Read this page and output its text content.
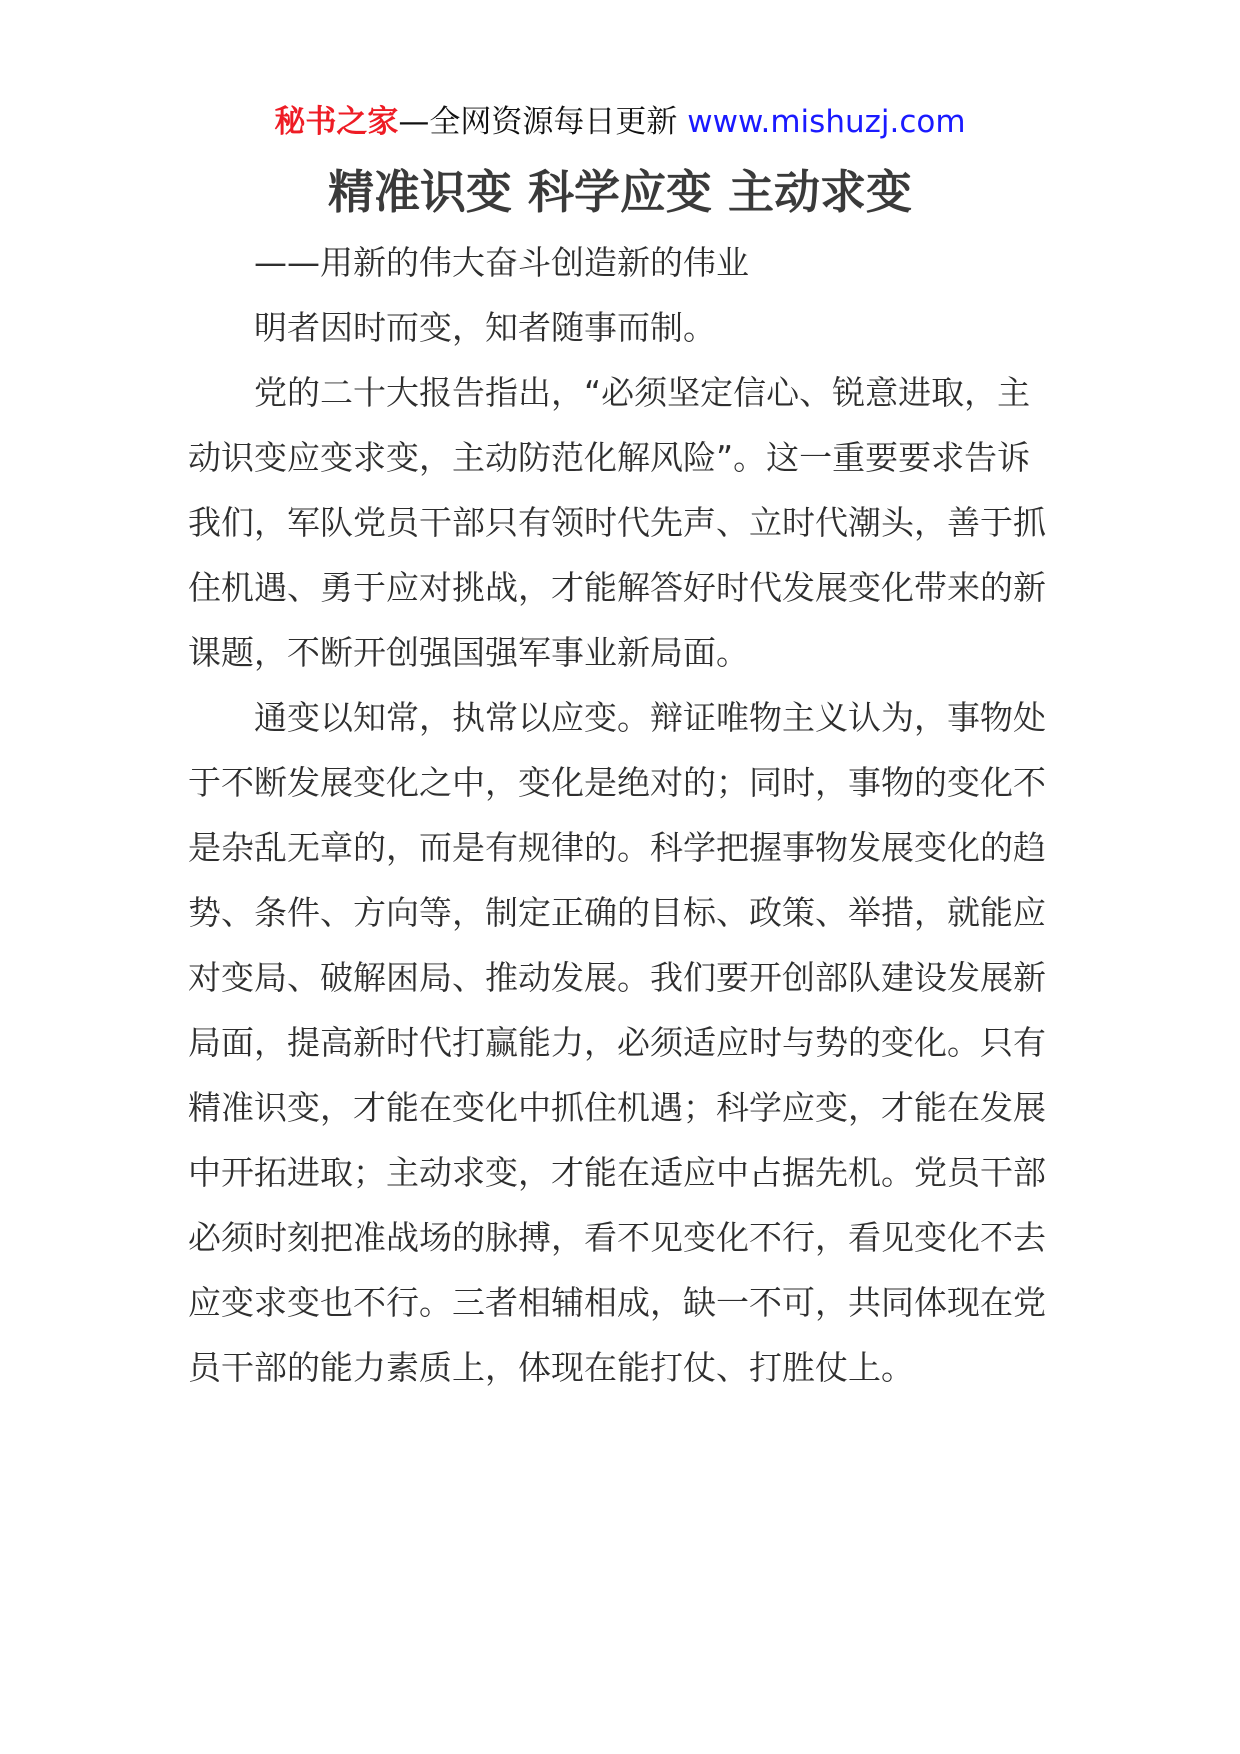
秘书之家—全网资源每日更新 www.mishuzj.com
精准识变 科学应变 主动求变

——用新的伟大奋斗创造新的伟业

明者因时而变，知者随事而制。

党的二十大报告指出，“必须坚定信心、锐意进取，主动识变应变求变，主动防范化解风险”。这一重要要求告诉我们，军队党员干部只有领时代先声、立时代潮头，善于抓住机遇、勇于应对挑战，才能解答好时代发展变化带来的新课题，不断开创强国强军事业新局面。

通变以知常，执常以应变。辩证唯物主义认为，事物处于不断发展变化之中，变化是绝对的；同时，事物的变化不是杂乱无章的，而是有规律的。科学把握事物发展变化的趋势、条件、方向等，制定正确的目标、政策、举措，就能应对变局、破解困局、推动发展。我们要开创部队建设发展新局面，提高新时代打赢能力，必须适应时与势的变化。只有精准识变，才能在变化中抓住机遇；科学应变，才能在发展中开拓进取；主动求变，才能在适应中占据先机。党员干部必须时刻把准战场的脉搏，看不见变化不行，看见变化不去应变求变也不行。三者相辅相成，缺一不可，共同体现在党员干部的能力素质上，体现在能打仗、打胜仗上。
